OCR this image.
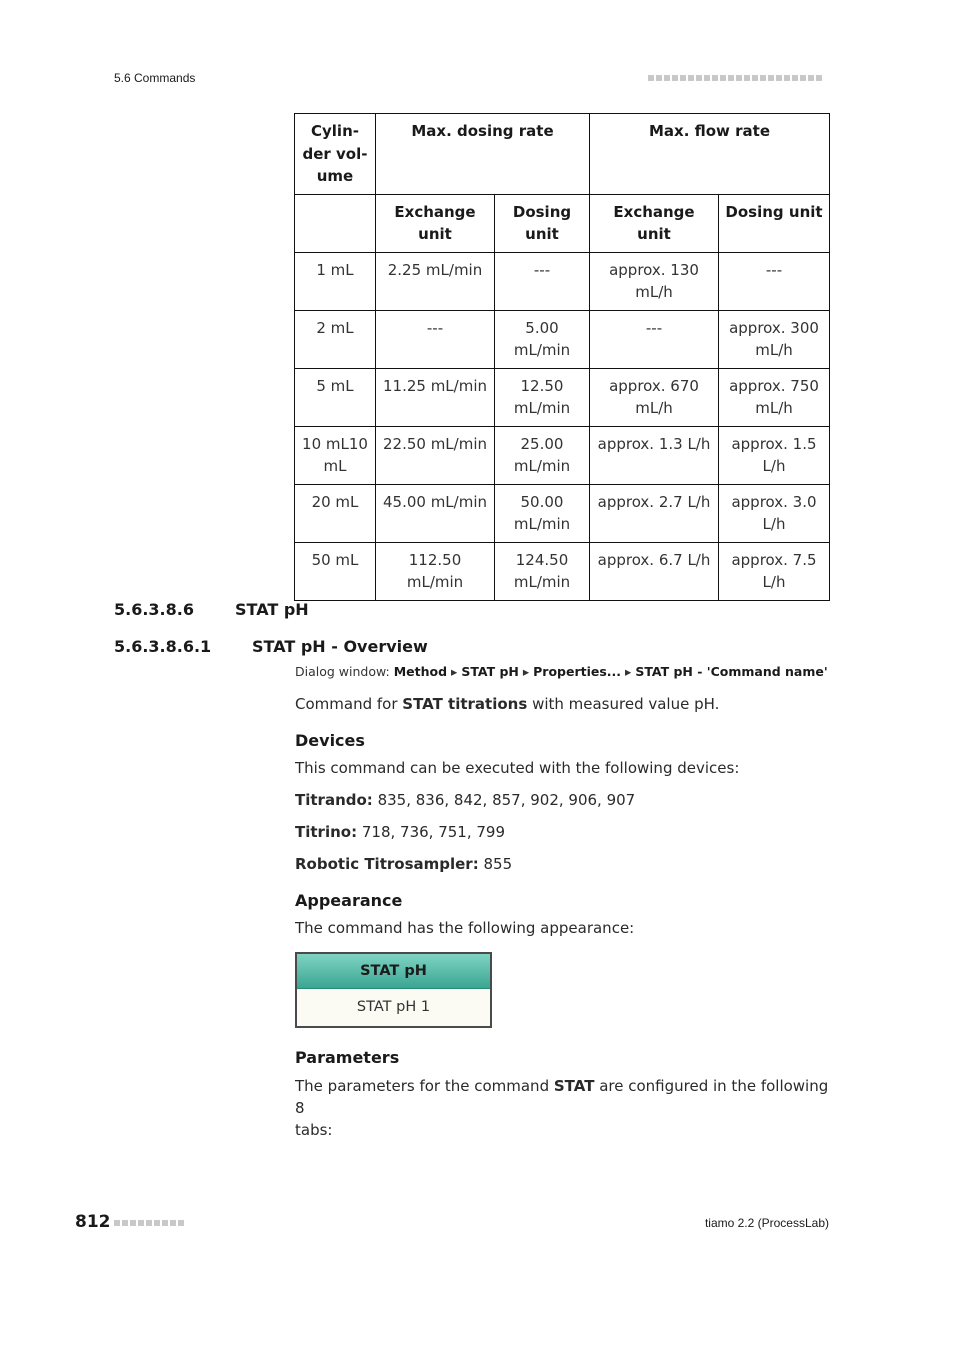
5.6 Commands
Cylin-
der vol-
ume	Max. dosing rate		Max. flow rate	
	Exchange unit	Dosing unit	Exchange unit	Dosing unit
1 mL	2.25 mL/min	---	approx. 130 mL/h	---
2 mL	---	5.00 mL/min	---	approx. 300 mL/h
5 mL	11.25 mL/min	12.50 mL/min	approx. 670 mL/h	approx. 750 mL/h
10 mL10 mL	22.50 mL/min	25.00 mL/min	approx. 1.3 L/h	approx. 1.5 L/h
20 mL	45.00 mL/min	50.00 mL/min	approx. 2.7 L/h	approx. 3.0 L/h
50 mL	112.50 mL/min	124.50 mL/min	approx. 6.7 L/h	approx. 7.5 L/h
5.6.3.8.6	STAT pH
5.6.3.8.6.1	STAT pH - Overview
Dialog window: Method ▸ STAT pH ▸ Properties... ▸ STAT pH - 'Command name'
Command for STAT titrations with measured value pH.
Devices
This command can be executed with the following devices:
Titrando: 835, 836, 842, 857, 902, 906, 907
Titrino: 718, 736, 751, 799
Robotic Titrosampler: 855
Appearance
The command has the following appearance:
STAT pH
STAT pH 1
Parameters
The parameters for the command STAT are configured in the following 8
tabs:
812	tiamo 2.2 (ProcessLab)
